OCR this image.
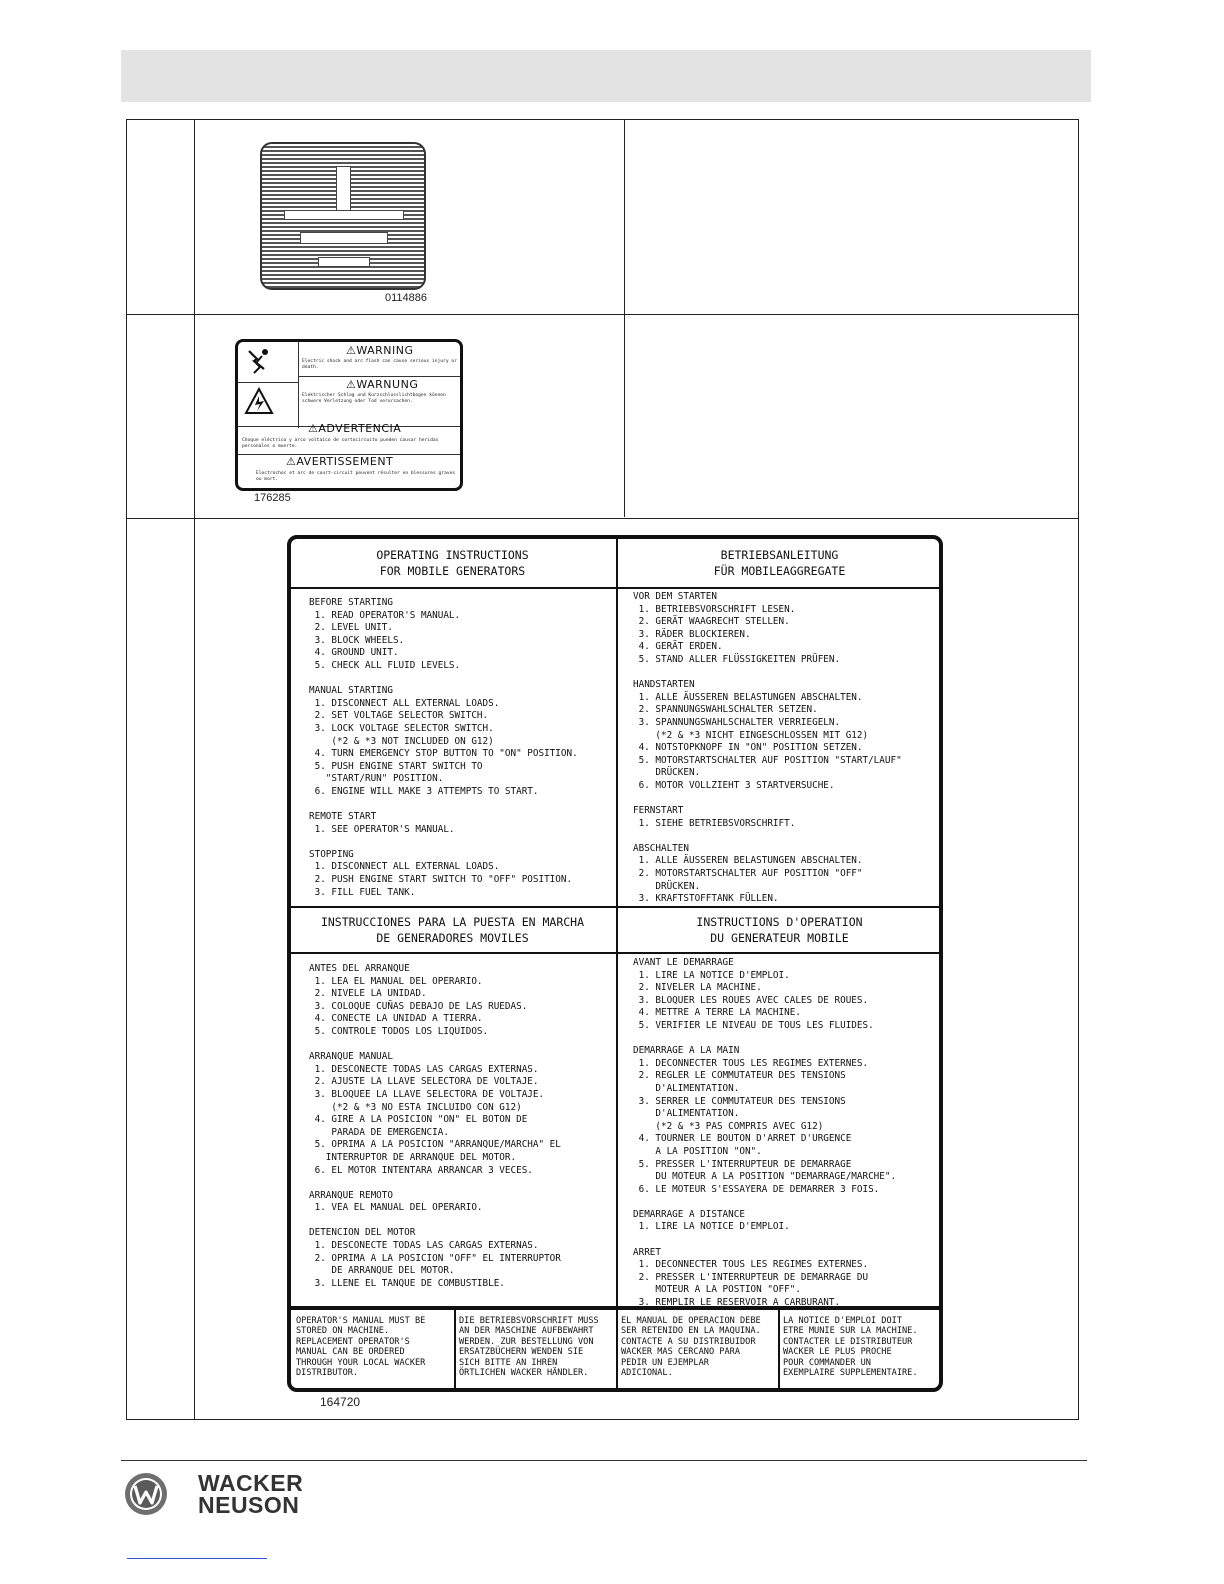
0114886
⚠WARNING
Electric shock and arc flash can cause serious injury or death.
⚠WARNUNG
Elektrischer Schlag und Kurzschlusslichtbogen können schwere Verletzung oder Tod verursachen.
⚠ADVERTENCIA
Choque eléctrico y arco voltaico de cortocircuito pueden causar heridas personales o muerte.
⚠AVERTISSEMENT
Electrochoc et arc de court-circuit peuvent résulter en blessures graves ou mort.
176285
OPERATING INSTRUCTIONS
FOR MOBILE GENERATORS
BETRIEBSANLEITUNG
FÜR MOBILEAGGREGATE
BEFORE STARTING
1. READ OPERATOR'S MANUAL.
2. LEVEL UNIT.
3. BLOCK WHEELS.
4. GROUND UNIT.
5. CHECK ALL FLUID LEVELS.

MANUAL STARTING
1. DISCONNECT ALL EXTERNAL LOADS.
2. SET VOLTAGE SELECTOR SWITCH.
3. LOCK VOLTAGE SELECTOR SWITCH.
(*2 & *3 NOT INCLUDED ON G12)
4. TURN EMERGENCY STOP BUTTON TO "ON" POSITION.
5. PUSH ENGINE START SWITCH TO
"START/RUN" POSITION.
6. ENGINE WILL MAKE 3 ATTEMPTS TO START.

REMOTE START
1. SEE OPERATOR'S MANUAL.

STOPPING
1. DISCONNECT ALL EXTERNAL LOADS.
2. PUSH ENGINE START SWITCH TO "OFF" POSITION.
3. FILL FUEL TANK.
VOR DEM STARTEN
1. BETRIEBSVORSCHRIFT LESEN.
2. GERÄT WAAGRECHT STELLEN.
3. RÄDER BLOCKIEREN.
4. GERÄT ERDEN.
5. STAND ALLER FLÜSSIGKEITEN PRÜFEN.

HANDSTARTEN
1. ALLE ÄUSSEREN BELASTUNGEN ABSCHALTEN.
2. SPANNUNGSWAHLSCHALTER SETZEN.
3. SPANNUNGSWAHLSCHALTER VERRIEGELN.
(*2 & *3 NICHT EINGESCHLOSSEN MIT G12)
4. NOTSTOPKNOPF IN "ON" POSITION SETZEN.
5. MOTORSTARTSCHALTER AUF POSITION "START/LAUF"
DRÜCKEN.
6. MOTOR VOLLZIEHT 3 STARTVERSUCHE.

FERNSTART
1. SIEHE BETRIEBSVORSCHRIFT.

ABSCHALTEN
1. ALLE ÄUSSEREN BELASTUNGEN ABSCHALTEN.
2. MOTORSTARTSCHALTER AUF POSITION "OFF"
DRÜCKEN.
3. KRAFTSTOFFTANK FÜLLEN.
INSTRUCCIONES PARA LA PUESTA EN MARCHA
DE GENERADORES MOVILES
INSTRUCTIONS D'OPERATION
DU GENERATEUR MOBILE
ANTES DEL ARRANQUE
1. LEA EL MANUAL DEL OPERARIO.
2. NIVELE LA UNIDAD.
3. COLOQUE CUÑAS DEBAJO DE LAS RUEDAS.
4. CONECTE LA UNIDAD A TIERRA.
5. CONTROLE TODOS LOS LIQUIDOS.

ARRANQUE MANUAL
1. DESCONECTE TODAS LAS CARGAS EXTERNAS.
2. AJUSTE LA LLAVE SELECTORA DE VOLTAJE.
3. BLOQUEE LA LLAVE SELECTORA DE VOLTAJE.
(*2 & *3 NO ESTA INCLUIDO CON G12)
4. GIRE A LA POSICION "ON" EL BOTON DE
PARADA DE EMERGENCIA.
5. OPRIMA A LA POSICION "ARRANQUE/MARCHA" EL
INTERRUPTOR DE ARRANQUE DEL MOTOR.
6. EL MOTOR INTENTARA ARRANCAR 3 VECES.

ARRANQUE REMOTO
1. VEA EL MANUAL DEL OPERARIO.

DETENCION DEL MOTOR
1. DESCONECTE TODAS LAS CARGAS EXTERNAS.
2. OPRIMA A LA POSICION "OFF" EL INTERRUPTOR
DE ARRANQUE DEL MOTOR.
3. LLENE EL TANQUE DE COMBUSTIBLE.
AVANT LE DEMARRAGE
1. LIRE LA NOTICE D'EMPLOI.
2. NIVELER LA MACHINE.
3. BLOQUER LES ROUES AVEC CALES DE ROUES.
4. METTRE A TERRE LA MACHINE.
5. VERIFIER LE NIVEAU DE TOUS LES FLUIDES.

DEMARRAGE A LA MAIN
1. DECONNECTER TOUS LES REGIMES EXTERNES.
2. REGLER LE COMMUTATEUR DES TENSIONS
D'ALIMENTATION.
3. SERRER LE COMMUTATEUR DES TENSIONS
D'ALIMENTATION.
(*2 & *3 PAS COMPRIS AVEC G12)
4. TOURNER LE BOUTON D'ARRET D'URGENCE
A LA POSITION "ON".
5. PRESSER L'INTERRUPTEUR DE DEMARRAGE
DU MOTEUR A LA POSITION "DEMARRAGE/MARCHE".
6. LE MOTEUR S'ESSAYERA DE DEMARRER 3 FOIS.

DEMARRAGE A DISTANCE
1. LIRE LA NOTICE D'EMPLOI.

ARRET
1. DECONNECTER TOUS LES REGIMES EXTERNES.
2. PRESSER L'INTERRUPTEUR DE DEMARRAGE DU
MOTEUR A LA POSTION "OFF".
3. REMPLIR LE RESERVOIR A CARBURANT.
OPERATOR'S MANUAL MUST BE
STORED ON MACHINE.
REPLACEMENT OPERATOR'S
MANUAL CAN BE ORDERED
THROUGH YOUR LOCAL WACKER
DISTRIBUTOR.
DIE BETRIEBSVORSCHRIFT MUSS
AN DER MASCHINE AUFBEWAHRT
WERDEN. ZUR BESTELLUNG VON
ERSATZBÜCHERN WENDEN SIE
SICH BITTE AN IHREN
ÖRTLICHEN WACKER HÄNDLER.
EL MANUAL DE OPERACION DEBE
SER RETENIDO EN LA MAQUINA.
CONTACTE A SU DISTRIBUIDOR
WACKER MAS CERCANO PARA
PEDIR UN EJEMPLAR
ADICIONAL.
LA NOTICE D'EMPLOI DOIT
ETRE MUNIE SUR LA MACHINE.
CONTACTER LE DISTRIBUTEUR
WACKER LE PLUS PROCHE
POUR COMMANDER UN
EXEMPLAIRE SUPPLEMENTAIRE.
164720
WACKER
NEUSON
